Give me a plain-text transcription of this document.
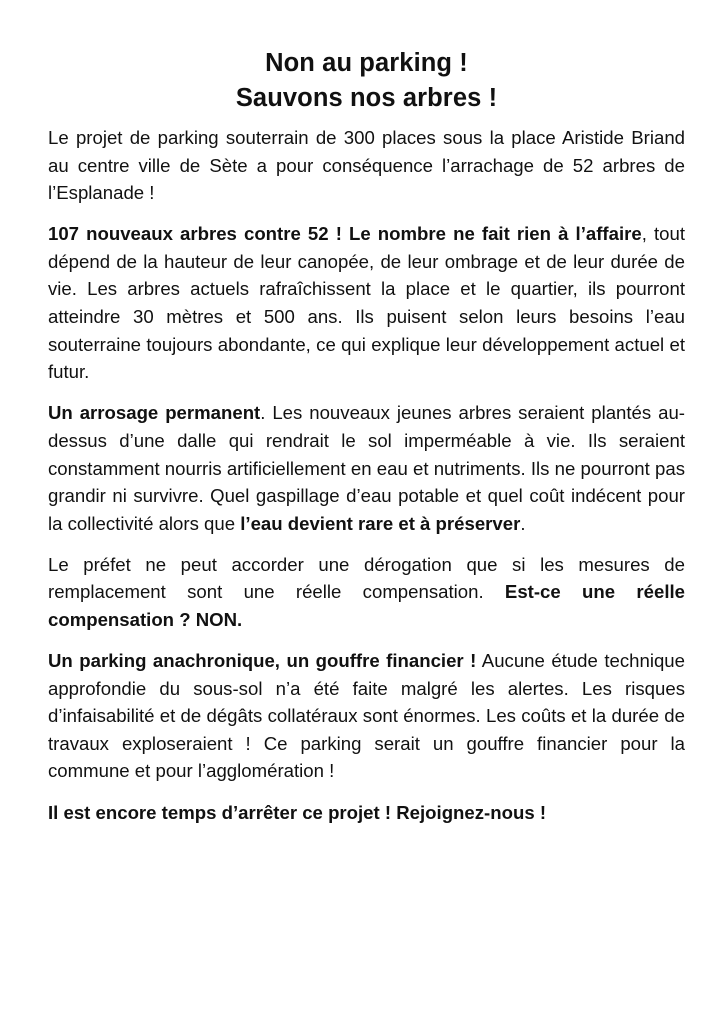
Non au parking !
Sauvons nos arbres !

Le projet de parking souterrain de 300 places sous la place Aristide Briand au centre ville de Sète a pour conséquence l’arrachage de 52 arbres de l’Esplanade !

107 nouveaux arbres contre 52 ! Le nombre ne fait rien à l’affaire, tout dépend de la hauteur de leur canopée, de leur ombrage et de leur durée de vie. Les arbres actuels rafraîchissent la place et le quartier, ils pourront atteindre 30 mètres et 500 ans. Ils puisent selon leurs besoins l’eau souterraine toujours abondante, ce qui explique leur développement actuel et futur.

Un arrosage permanent. Les nouveaux jeunes arbres seraient plantés au-dessus d’une dalle qui rendrait le sol imperméable à vie. Ils seraient constamment nourris artificiellement en eau et nutriments. Ils ne pourront pas grandir ni survivre. Quel gaspillage d’eau potable et quel coût indécent pour la collectivité alors que l’eau devient rare et à préserver.

Le préfet ne peut accorder une dérogation que si les mesures de remplacement sont une réelle compensation. Est-ce une réelle compensation ? NON.

Un parking anachronique, un gouffre financier ! Aucune étude technique approfondie du sous-sol n’a été faite malgré les alertes. Les risques d’infaisabilité et de dégâts collatéraux sont énormes. Les coûts et la durée de travaux exploseraient ! Ce parking serait un gouffre financier pour la commune et pour l’agglomération !

Il est encore temps d’arrêter ce projet ! Rejoignez-nous !
